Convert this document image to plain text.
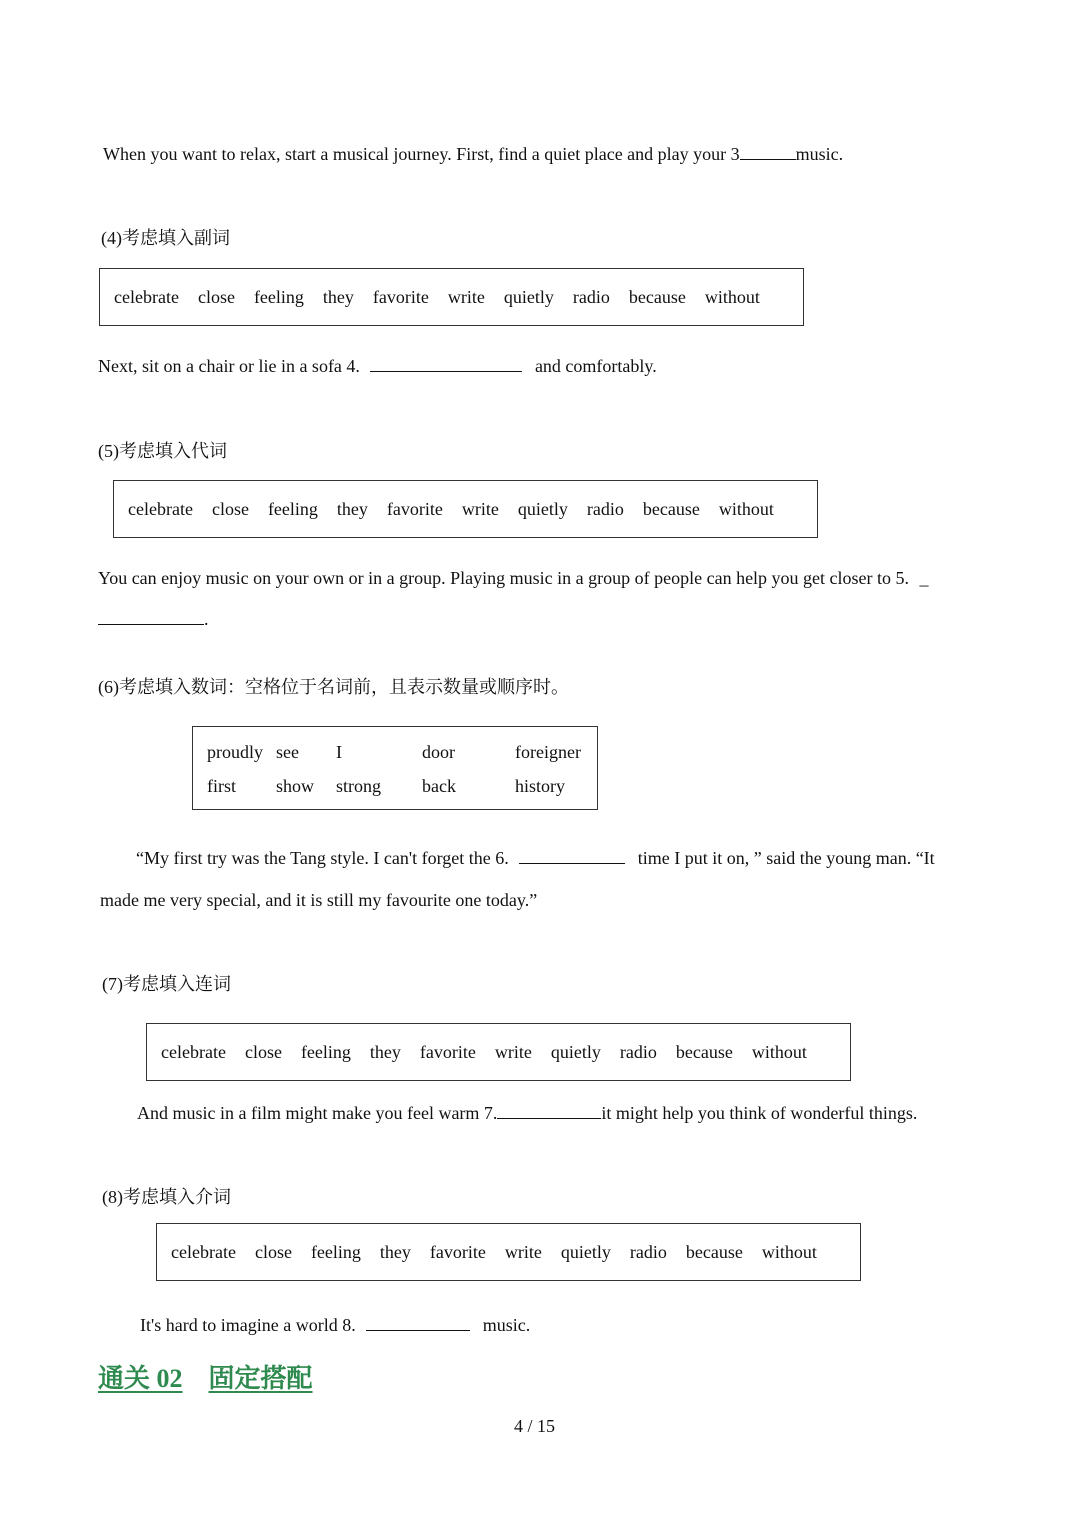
When you want to relax, start a musical journey. First, find a quiet place and play your 3	music.
(4)考虑填入副词
celebrate close feeling they favorite write quietly radio because without
Next, sit on a chair or lie in a sofa 4.	and comfortably.
(5)考虑填入代词
celebrate close feeling they favorite write quietly radio because without
You can enjoy music on your own or in a group. Playing music in a group of people can help you get closer to 5. _
.
(6)考虑填入数词：空格位于名词前，且表示数量或顺序时。
proudly	see	I	door	foreigner
first	show	strong	back	history
“My first try was the Tang style. I can't forget the 6.	time I put it on, ” said the young man. “It
made me very special, and it is still my favourite one today.”
(7)考虑填入连词
celebrate close feeling they favorite write quietly radio because without
And music in a film might make you feel warm 7.	it might help you think of wonderful things.
(8)考虑填入介词
celebrate close feeling they favorite write quietly radio because without
It's hard to imagine a world 8.	music.
通关 02 固定搭配
4 / 15
